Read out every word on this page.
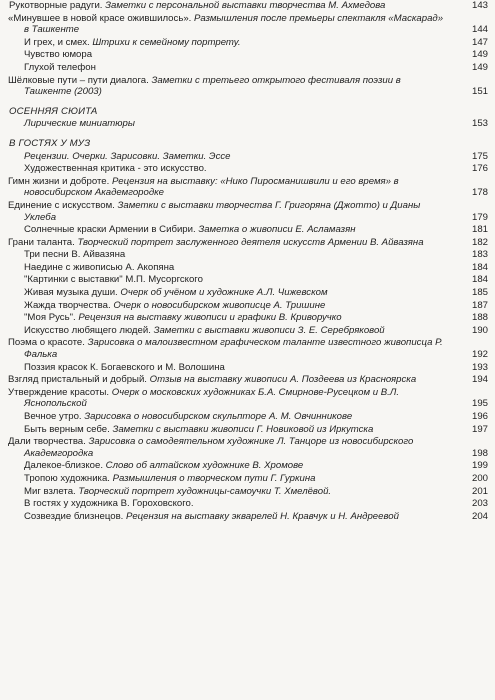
Рукотворные радуги. Заметки с персональной выставки творчества М. Ахмедова	143
«Минувшее в новой красе ожившилось». Размышления после премьеры спектакля «Маскарад» в Ташкенте	144
И грех, и смех. Штрихи к семейному портрету.	147
Чувство юмора	149
Глухой телефон	149
Шёлковые пути – пути диалога. Заметки с третьего открытого фестиваля поэзии в Ташкенте (2003)	151
ОСЕННЯЯ СЮИТА
Лирические миниатюры	153
В ГОСТЯХ У МУЗ
Рецензии. Очерки. Зарисовки. Заметки. Эссе	175
Художественная критика - это искусство.	176
Гимн жизни и доброте. Рецензия на выставку: «Нико Пиросманишвили и его время» в новосибирском Академгородке	178
Единение с искусством. Заметки с выставки творчества Г. Григоряна (Джотто) и Дианы Уклеба	179
Солнечные краски Армении в Сибири. Заметка о живописи Е. Асламазян	181
Грани таланта. Творческий портрет заслуженного деятеля искусств Армении В. Айвазяна	182
Три песни В. Айвазяна	183
Наедине с живописью А. Акопяна	184
"Картинки с выставки" М.П. Мусоргского	184
Живая музыка души. Очерк об учёном и художнике А.Л. Чижевском	185
Жажда творчества. Очерк о новосибирском живописце А. Тришине	187
"Моя Русь". Рецензия на выставку живописи и графики В. Криворучко	188
Искусство любящего людей. Заметки с выставки живописи З. Е. Серебряковой	190
Поэма о красоте. Зарисовка о малоизвестном графическом таланте известного живописца Р. Фалька	192
Поззия красок К. Богаевского и М. Волошина	193
Взгляд пристальный и добрый. Отзыв на выставку живописи А. Поздеева из Красноярска	194
Утверждение красоты. Очерк о московских художниках Б.А. Смирнове-Русецком и В.Л. Яснопольской	195
Вечное утро. Зарисовка о новосибирском скульпторе А. М. Овчинникове	196
Быть верным себе. Заметки с выставки живописи Г. Новиковой из Иркутска	197
Дали творчества. Зарисовка о самодеятельном художнике Л. Танцоре из новосибирского Академгородка	198
Далекое-близкое. Слово об алтайском художнике В. Хромове	199
Тропою художника. Размышления о творческом пути Г. Гуркина	200
Миг взлета. Творческий портрет художницы-самоучки Т. Хмелёвой.	201
В гостях у художника В. Гороховского.	203
Созвездие близнецов. Рецензия на выставку экварелей Н. Кравчук и Н. Андреевой	204
